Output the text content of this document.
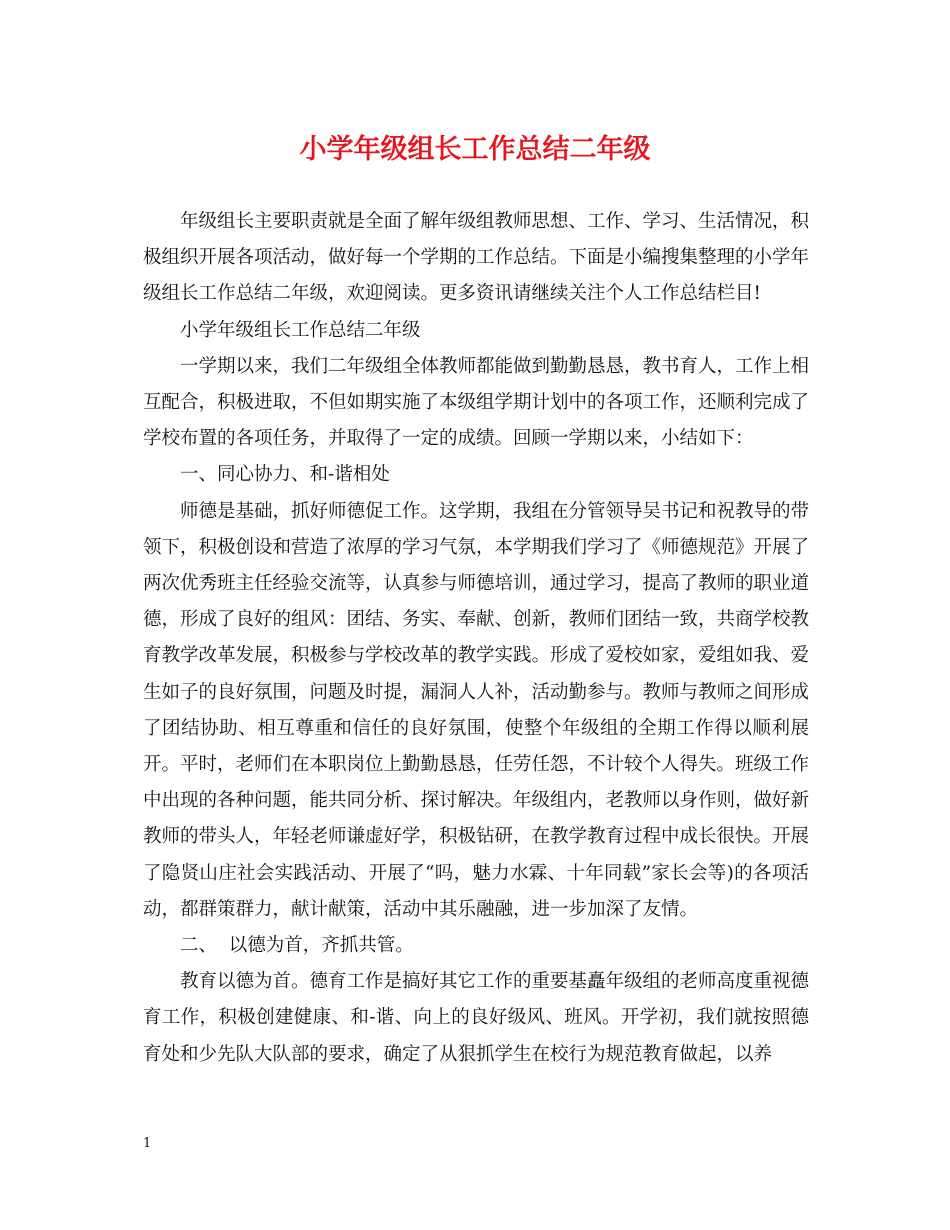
小学年级组长工作总结二年级

年级组长主要职责就是全面了解年级组教师思想、工作、学习、生活情况，积极组织开展各项活动，做好每一个学期的工作总结。下面是小编搜集整理的小学年级组长工作总结二年级，欢迎阅读。更多资讯请继续关注个人工作总结栏目!

小学年级组长工作总结二年级

一学期以来，我们二年级组全体教师都能做到勤勤恳恳，教书育人，工作上相互配合，积极进取，不但如期实施了本级组学期计划中的各项工作，还顺利完成了学校布置的各项任务，并取得了一定的成绩。回顾一学期以来，小结如下：

一、同心协力、和-谐相处

师德是基础，抓好师德促工作。这学期，我组在分管领导吴书记和祝教导的带领下，积极创设和营造了浓厚的学习气氛，本学期我们学习了《师德规范》开展了两次优秀班主任经验交流等，认真参与师德培训，通过学习，提高了教师的职业道德，形成了良好的组风：团结、务实、奉献、创新，教师们团结一致，共商学校教育教学改革发展，积极参与学校改革的教学实践。形成了爱校如家，爱组如我、爱生如子的良好氛围，问题及时提，漏洞人人补，活动勤参与。教师与教师之间形成了团结协助、相互尊重和信任的良好氛围，使整个年级组的全期工作得以顺利展开。平时，老师们在本职岗位上勤勤恳恳，任劳任怨，不计较个人得失。班级工作中出现的各种问题，能共同分析、探讨解决。年级组内，老教师以身作则，做好新教师的带头人，年轻老师谦虚好学，积极钻研，在教学教育过程中成长很快。开展了隐贤山庄社会实践活动、开展了“吗，魅力水霖、十年同载”家长会等)的各项活动，都群策群力，献计献策，活动中其乐融融，进一步加深了友情。

二、  以德为首，齐抓共管。

教育以德为首。德育工作是搞好其它工作的重要基矗年级组的老师高度重视德育工作，积极创建健康、和-谐、向上的良好级风、班风。开学初，我们就按照德育处和少先队大队部的要求，确定了从狠抓学生在校行为规范教育做起，以养

1
